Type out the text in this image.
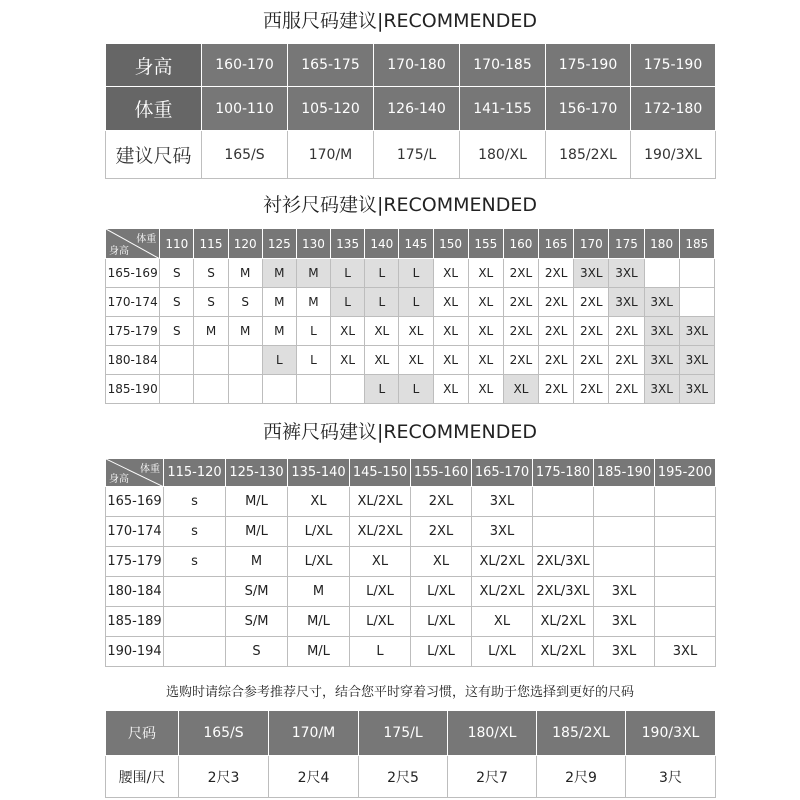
西服尺码建议|RECOMMENDED
身高	160-170	165-175	170-180	170-185	175-190	175-190
体重	100-110	105-120	126-140	141-155	156-170	172-180
建议尺码	165/S	170/M	175/L	180/XL	185/2XL	190/3XL
衬衫尺码建议|RECOMMENDED
体重
身高	110	115	120	125	130	135	140	145	150	155	160	165	170	175	180	185
165-169	S	S	M	M	M	L	L	L	XL	XL	2XL	2XL	3XL	3XL		
170-174	S	S	S	M	M	L	L	L	XL	XL	2XL	2XL	2XL	3XL	3XL	
175-179	S	M	M	M	L	XL	XL	XL	XL	XL	2XL	2XL	2XL	2XL	3XL	3XL
180-184				L	L	XL	XL	XL	XL	XL	2XL	2XL	2XL	2XL	3XL	3XL
185-190							L	L	XL	XL	XL	2XL	2XL	2XL	3XL	3XL
西裤尺码建议|RECOMMENDED
体重
身高	115-120	125-130	135-140	145-150	155-160	165-170	175-180	185-190	195-200
165-169	s	M/L	XL	XL/2XL	2XL	3XL			
170-174	s	M/L	L/XL	XL/2XL	2XL	3XL			
175-179	s	M	L/XL	XL	XL	XL/2XL	2XL/3XL		
180-184		S/M	M	L/XL	L/XL	XL/2XL	2XL/3XL	3XL	
185-189		S/M	M/L	L/XL	L/XL	XL	XL/2XL	3XL	
190-194		S	M/L	L	L/XL	L/XL	XL/2XL	3XL	3XL
选购时请综合参考推荐尺寸，结合您平时穿着习惯，这有助于您选择到更好的尺码
尺码	165/S	170/M	175/L	180/XL	185/2XL	190/3XL
腰围/尺	2尺3	2尺4	2尺5	2尺7	2尺9	3尺
